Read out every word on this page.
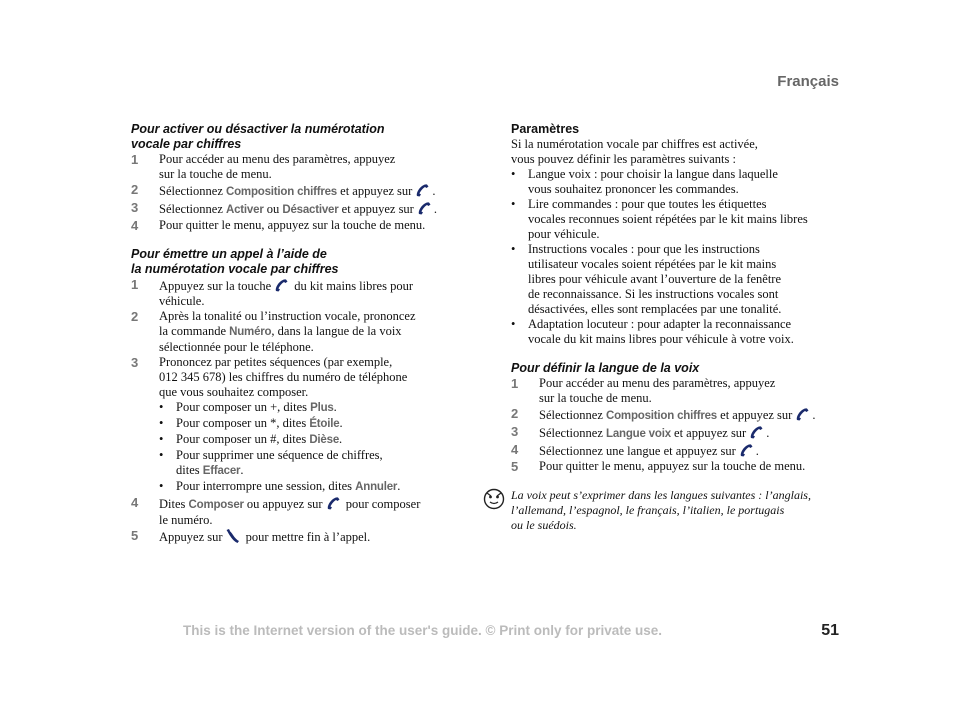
Français
Pour activer ou désactiver la numérotation
vocale par chiffres
1 Pour accéder au menu des paramètres, appuyez
sur la touche de menu.
2 Sélectionnez Composition chiffres et appuyez sur .
3 Sélectionnez Activer ou Désactiver et appuyez sur .
4 Pour quitter le menu, appuyez sur la touche de menu.
Pour émettre un appel à l’aide de
la numérotation vocale par chiffres
1 Appuyez sur la touche du kit mains libres pour
véhicule.
2 Après la tonalité ou l’instruction vocale, prononcez
la commande Numéro, dans la langue de la voix
sélectionnée pour le téléphone.
3 Prononcez par petites séquences (par exemple,
012 345 678) les chiffres du numéro de téléphone
que vous souhaitez composer.
• Pour composer un +, dites Plus.
• Pour composer un *, dites Étoile.
• Pour composer un #, dites Dièse.
• Pour supprimer une séquence de chiffres,
dites Effacer.
• Pour interrompre une session, dites Annuler.
4 Dites Composer ou appuyez sur pour composer
le numéro.
5 Appuyez sur pour mettre fin à l’appel.
Paramètres

Si la numérotation vocale par chiffres est activée,
vous pouvez définir les paramètres suivants :

• Langue voix : pour choisir la langue dans laquelle
vous souhaitez prononcer les commandes.
• Lire commandes : pour que toutes les étiquettes
vocales reconnues soient répétées par le kit mains libres
pour véhicule.
• Instructions vocales : pour que les instructions
utilisateur vocales soient répétées par le kit mains
libres pour véhicule avant l’ouverture de la fenêtre
de reconnaissance. Si les instructions vocales sont
désactivées, elles sont remplacées par une tonalité.
• Adaptation locuteur : pour adapter la reconnaissance
vocale du kit mains libres pour véhicule à votre voix.
Pour définir la langue de la voix
1 Pour accéder au menu des paramètres, appuyez
sur la touche de menu.
2 Sélectionnez Composition chiffres et appuyez sur .
3 Sélectionnez Langue voix et appuyez sur .
4 Sélectionnez une langue et appuyez sur .
5 Pour quitter le menu, appuyez sur la touche de menu.

La voix peut s’exprimer dans les langues suivantes : l’anglais,
l’allemand, l’espagnol, le français, l’italien, le portugais
ou le suédois.

This is the Internet version of the user's guide. © Print only for private use.	51
